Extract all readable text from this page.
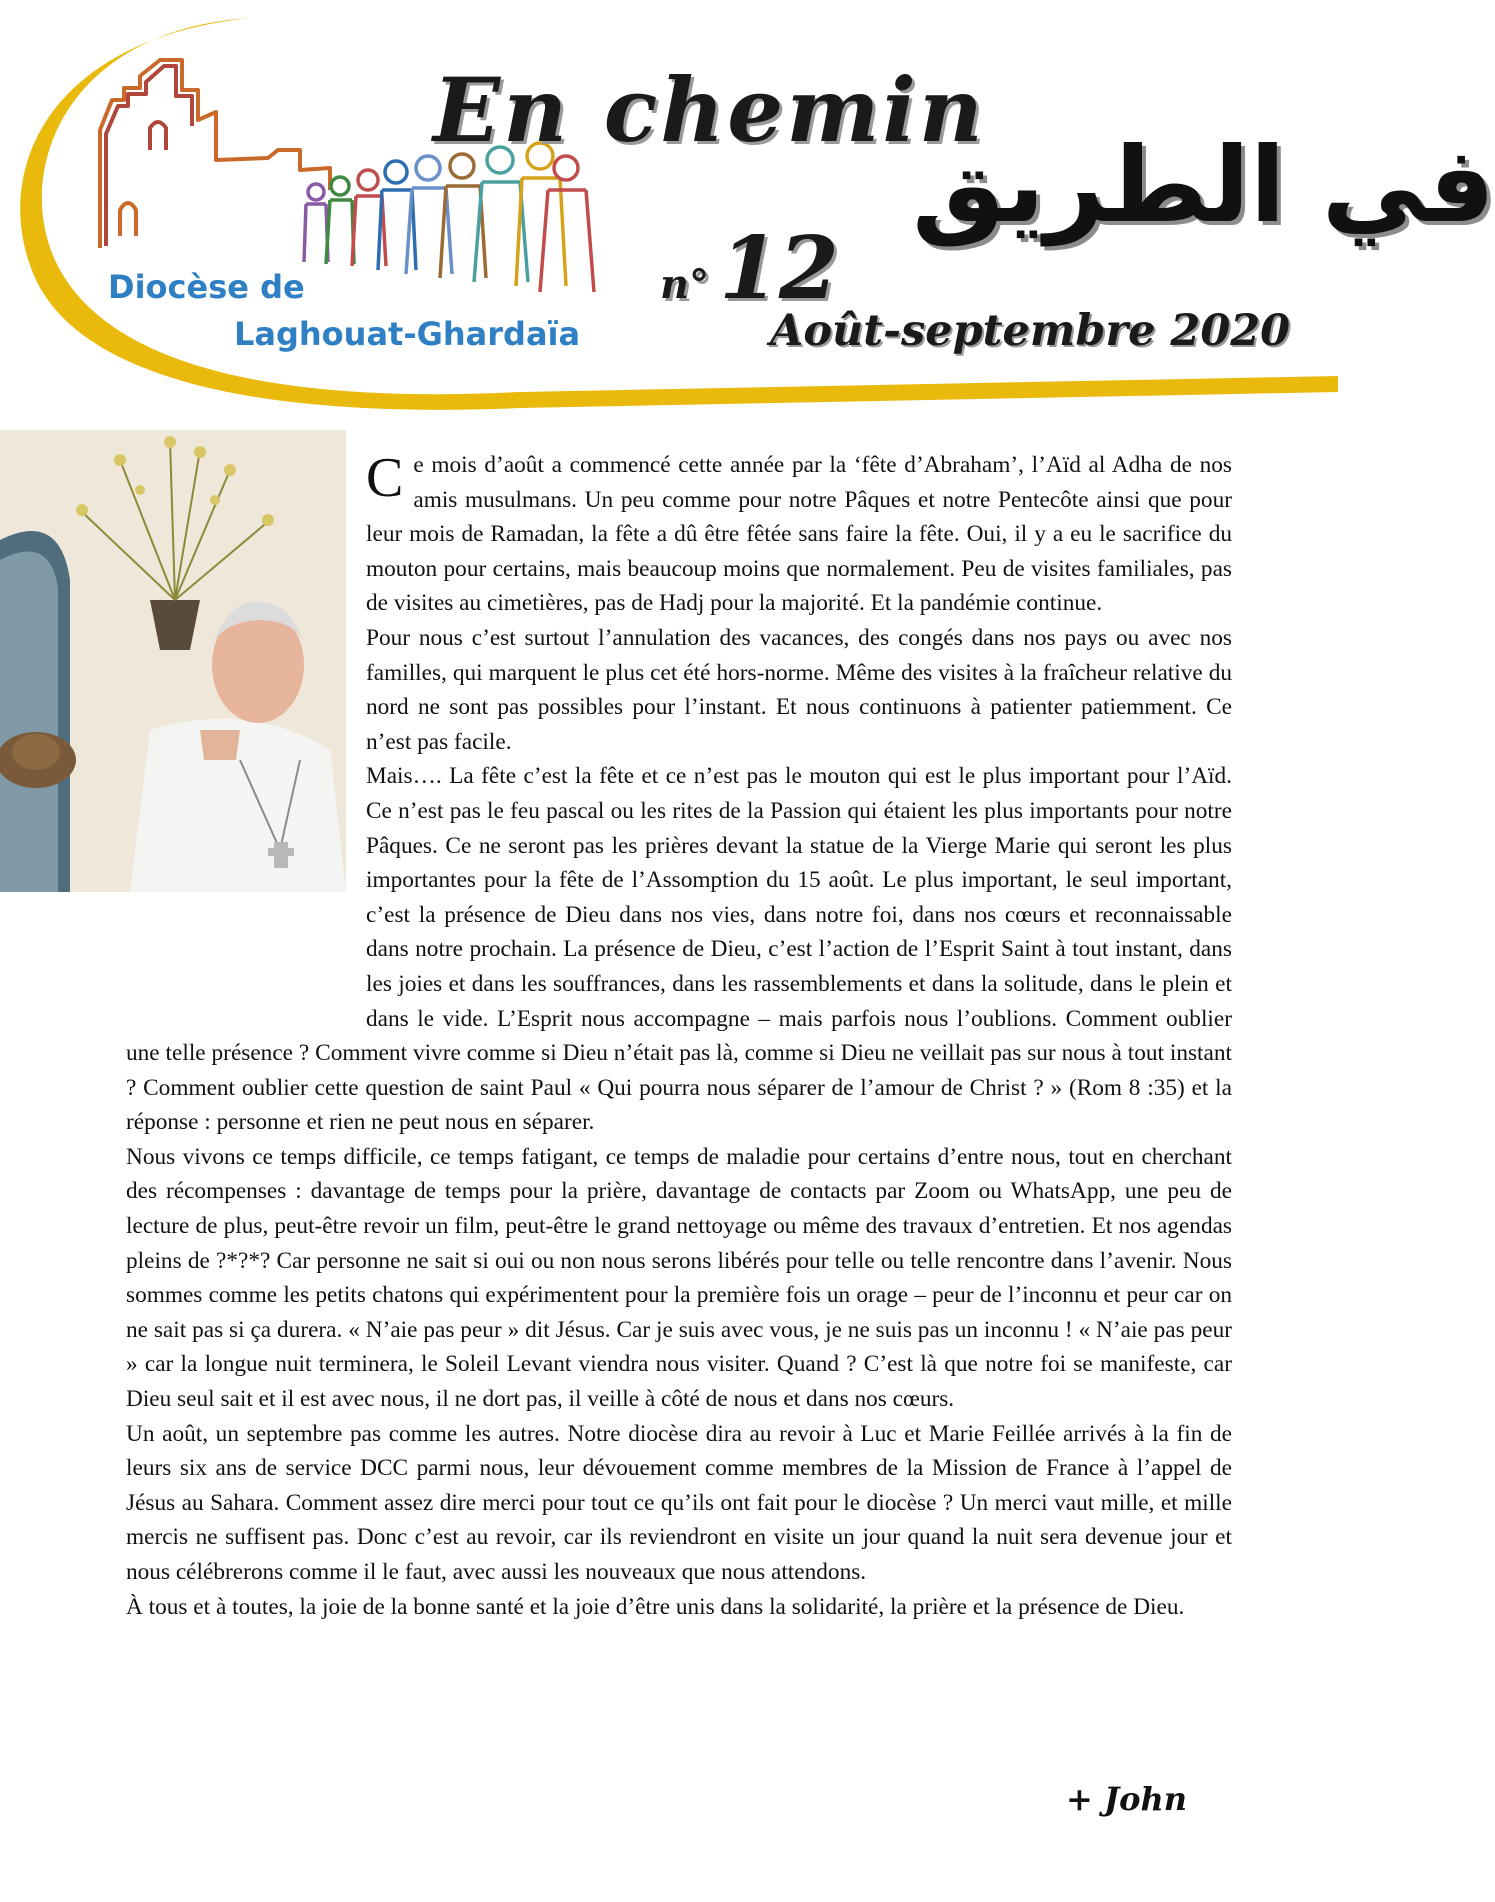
En chemin
في الطريق
n° 12
Août-septembre 2020
Diocèse de
Laghouat-Ghardaïa

Ce mois d’août a commencé cette année par la ‘fête d’Abraham’, l’Aïd al Adha de nos amis musulmans. Un peu comme pour notre Pâques et notre Pentecôte ainsi que pour leur mois de Ramadan, la fête a dû être fêtée sans faire la fête. Oui, il y a eu le sacrifice du mouton pour certains, mais beaucoup moins que normalement. Peu de visites familiales, pas de visites au cimetières, pas de Hadj pour la majorité. Et la pandémie continue.

Pour nous c’est surtout l’annulation des vacances, des congés dans nos pays ou avec nos familles, qui marquent le plus cet été hors-norme. Même des visites à la fraîcheur relative du nord ne sont pas possibles pour l’instant. Et nous continuons à patienter patiemment. Ce n’est pas facile.

Mais…. La fête c’est la fête et ce n’est pas le mouton qui est le plus important pour l’Aïd. Ce n’est pas le feu pascal ou les rites de la Passion qui étaient les plus importants pour notre Pâques. Ce ne seront pas les prières devant la statue de la Vierge Marie qui seront les plus importantes pour la fête de l’Assomption du 15 août. Le plus important, le seul important, c’est la présence de Dieu dans nos vies, dans notre foi, dans nos cœurs et reconnaissable dans notre prochain. La présence de Dieu, c’est l’action de l’Esprit Saint à tout instant, dans les joies et dans les souffrances, dans les rassemblements et dans la solitude, dans le plein et dans le vide. L’Esprit nous accompagne – mais parfois nous l’oublions. Comment oublier une telle présence ? Comment vivre comme si Dieu n’était pas là, comme si Dieu ne veillait pas sur nous à tout instant ? Comment oublier cette question de saint Paul « Qui pourra nous séparer de l’amour de Christ ? » (Rom 8 :35) et la réponse : personne et rien ne peut nous en séparer.

Nous vivons ce temps difficile, ce temps fatigant, ce temps de maladie pour certains d’entre nous, tout en cherchant des récompenses : davantage de temps pour la prière, davantage de contacts par Zoom ou WhatsApp, une peu de lecture de plus, peut-être revoir un film, peut-être le grand nettoyage ou même des travaux d’entretien. Et nos agendas pleins de ?*?*? Car personne ne sait si oui ou non nous serons libérés pour telle ou telle rencontre dans l’avenir. Nous sommes comme les petits chatons qui expérimentent pour la première fois un orage – peur de l’inconnu et peur car on ne sait pas si ça durera. « N’aie pas peur » dit Jésus. Car je suis avec vous, je ne suis pas un inconnu ! « N’aie pas peur » car la longue nuit terminera, le Soleil Levant viendra nous visiter. Quand ? C’est là que notre foi se manifeste, car Dieu seul sait et il est avec nous, il ne dort pas, il veille à côté de nous et dans nos cœurs.

Un août, un septembre pas comme les autres. Notre diocèse dira au revoir à Luc et Marie Feillée arrivés à la fin de leurs six ans de service DCC parmi nous, leur dévouement comme membres de la Mission de France à l’appel de Jésus au Sahara. Comment assez dire merci pour tout ce qu’ils ont fait pour le diocèse ? Un merci vaut mille, et mille mercis ne suffisent pas. Donc c’est au revoir, car ils reviendront en visite un jour quand la nuit sera devenue jour et nous célébrerons comme il le faut, avec aussi les nouveaux que nous attendons.

À tous et à toutes, la joie de la bonne santé et la joie d’être unis dans la solidarité, la prière et la présence de Dieu.

+ John
